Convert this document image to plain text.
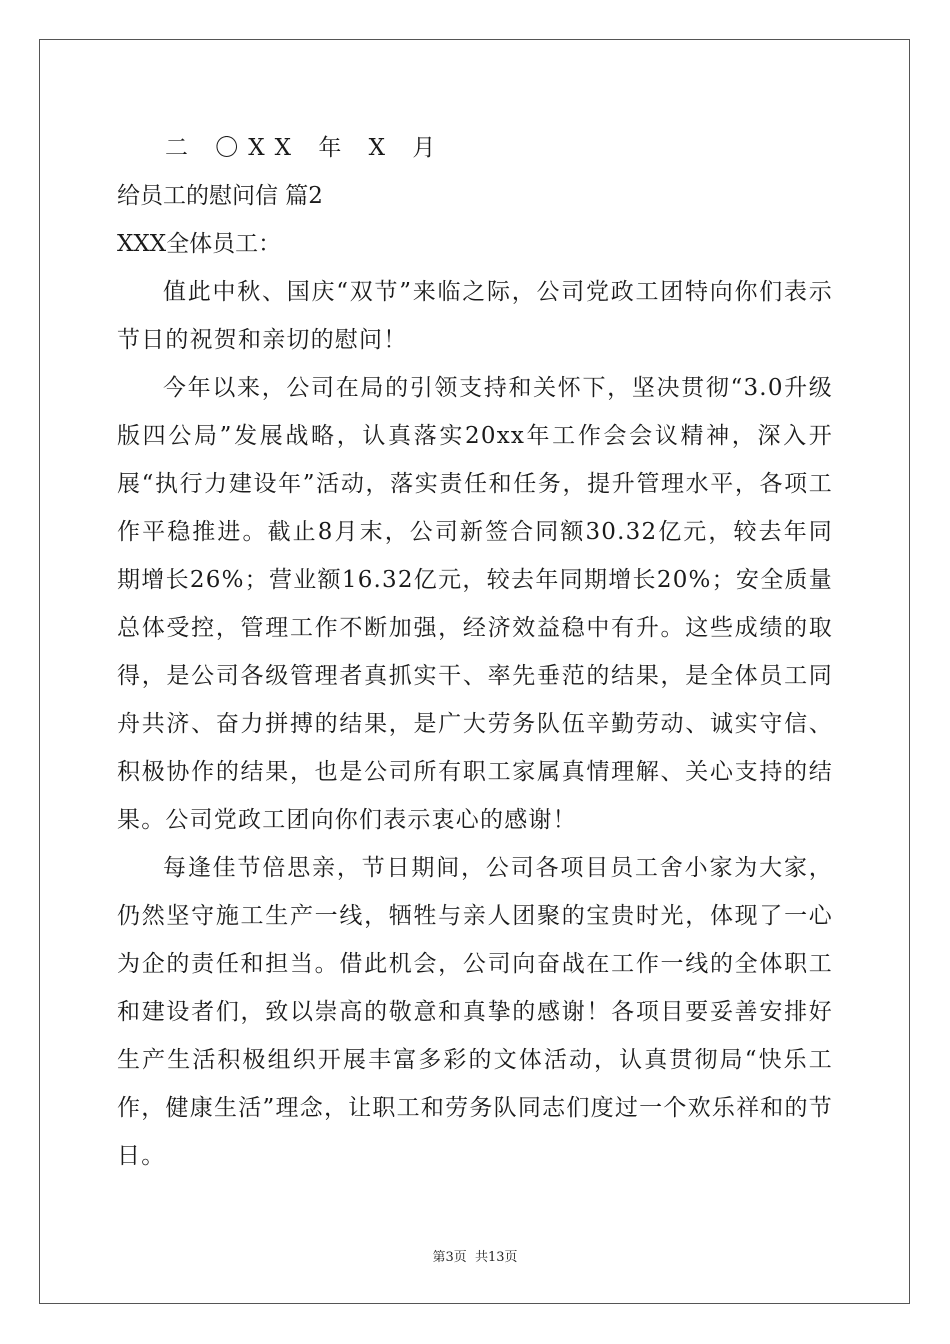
二 〇XX 年 X 月

给员工的慰问信 篇2

XXX全体员工：

值此中秋、国庆“双节”来临之际，公司党政工团特向你们表示节日的祝贺和亲切的慰问！

今年以来，公司在局的引领支持和关怀下，坚决贯彻“3.0升级版四公局”发展战略，认真落实20xx年工作会会议精神，深入开展“执行力建设年”活动，落实责任和任务，提升管理水平，各项工作平稳推进。截止8月末，公司新签合同额30.32亿元，较去年同期增长26%；营业额16.32亿元，较去年同期增长20%；安全质量总体受控，管理工作不断加强，经济效益稳中有升。这些成绩的取得，是公司各级管理者真抓实干、率先垂范的结果，是全体员工同舟共济、奋力拼搏的结果，是广大劳务队伍辛勤劳动、诚实守信、积极协作的结果，也是公司所有职工家属真情理解、关心支持的结果。公司党政工团向你们表示衷心的感谢！

每逢佳节倍思亲，节日期间，公司各项目员工舍小家为大家，仍然坚守施工生产一线，牺牲与亲人团聚的宝贵时光，体现了一心为企的责任和担当。借此机会，公司向奋战在工作一线的全体职工和建设者们，致以崇高的敬意和真挚的感谢！各项目要妥善安排好生产生活积极组织开展丰富多彩的文体活动，认真贯彻局“快乐工作，健康生活”理念，让职工和劳务队同志们度过一个欢乐祥和的节日。

第3页 共13页
